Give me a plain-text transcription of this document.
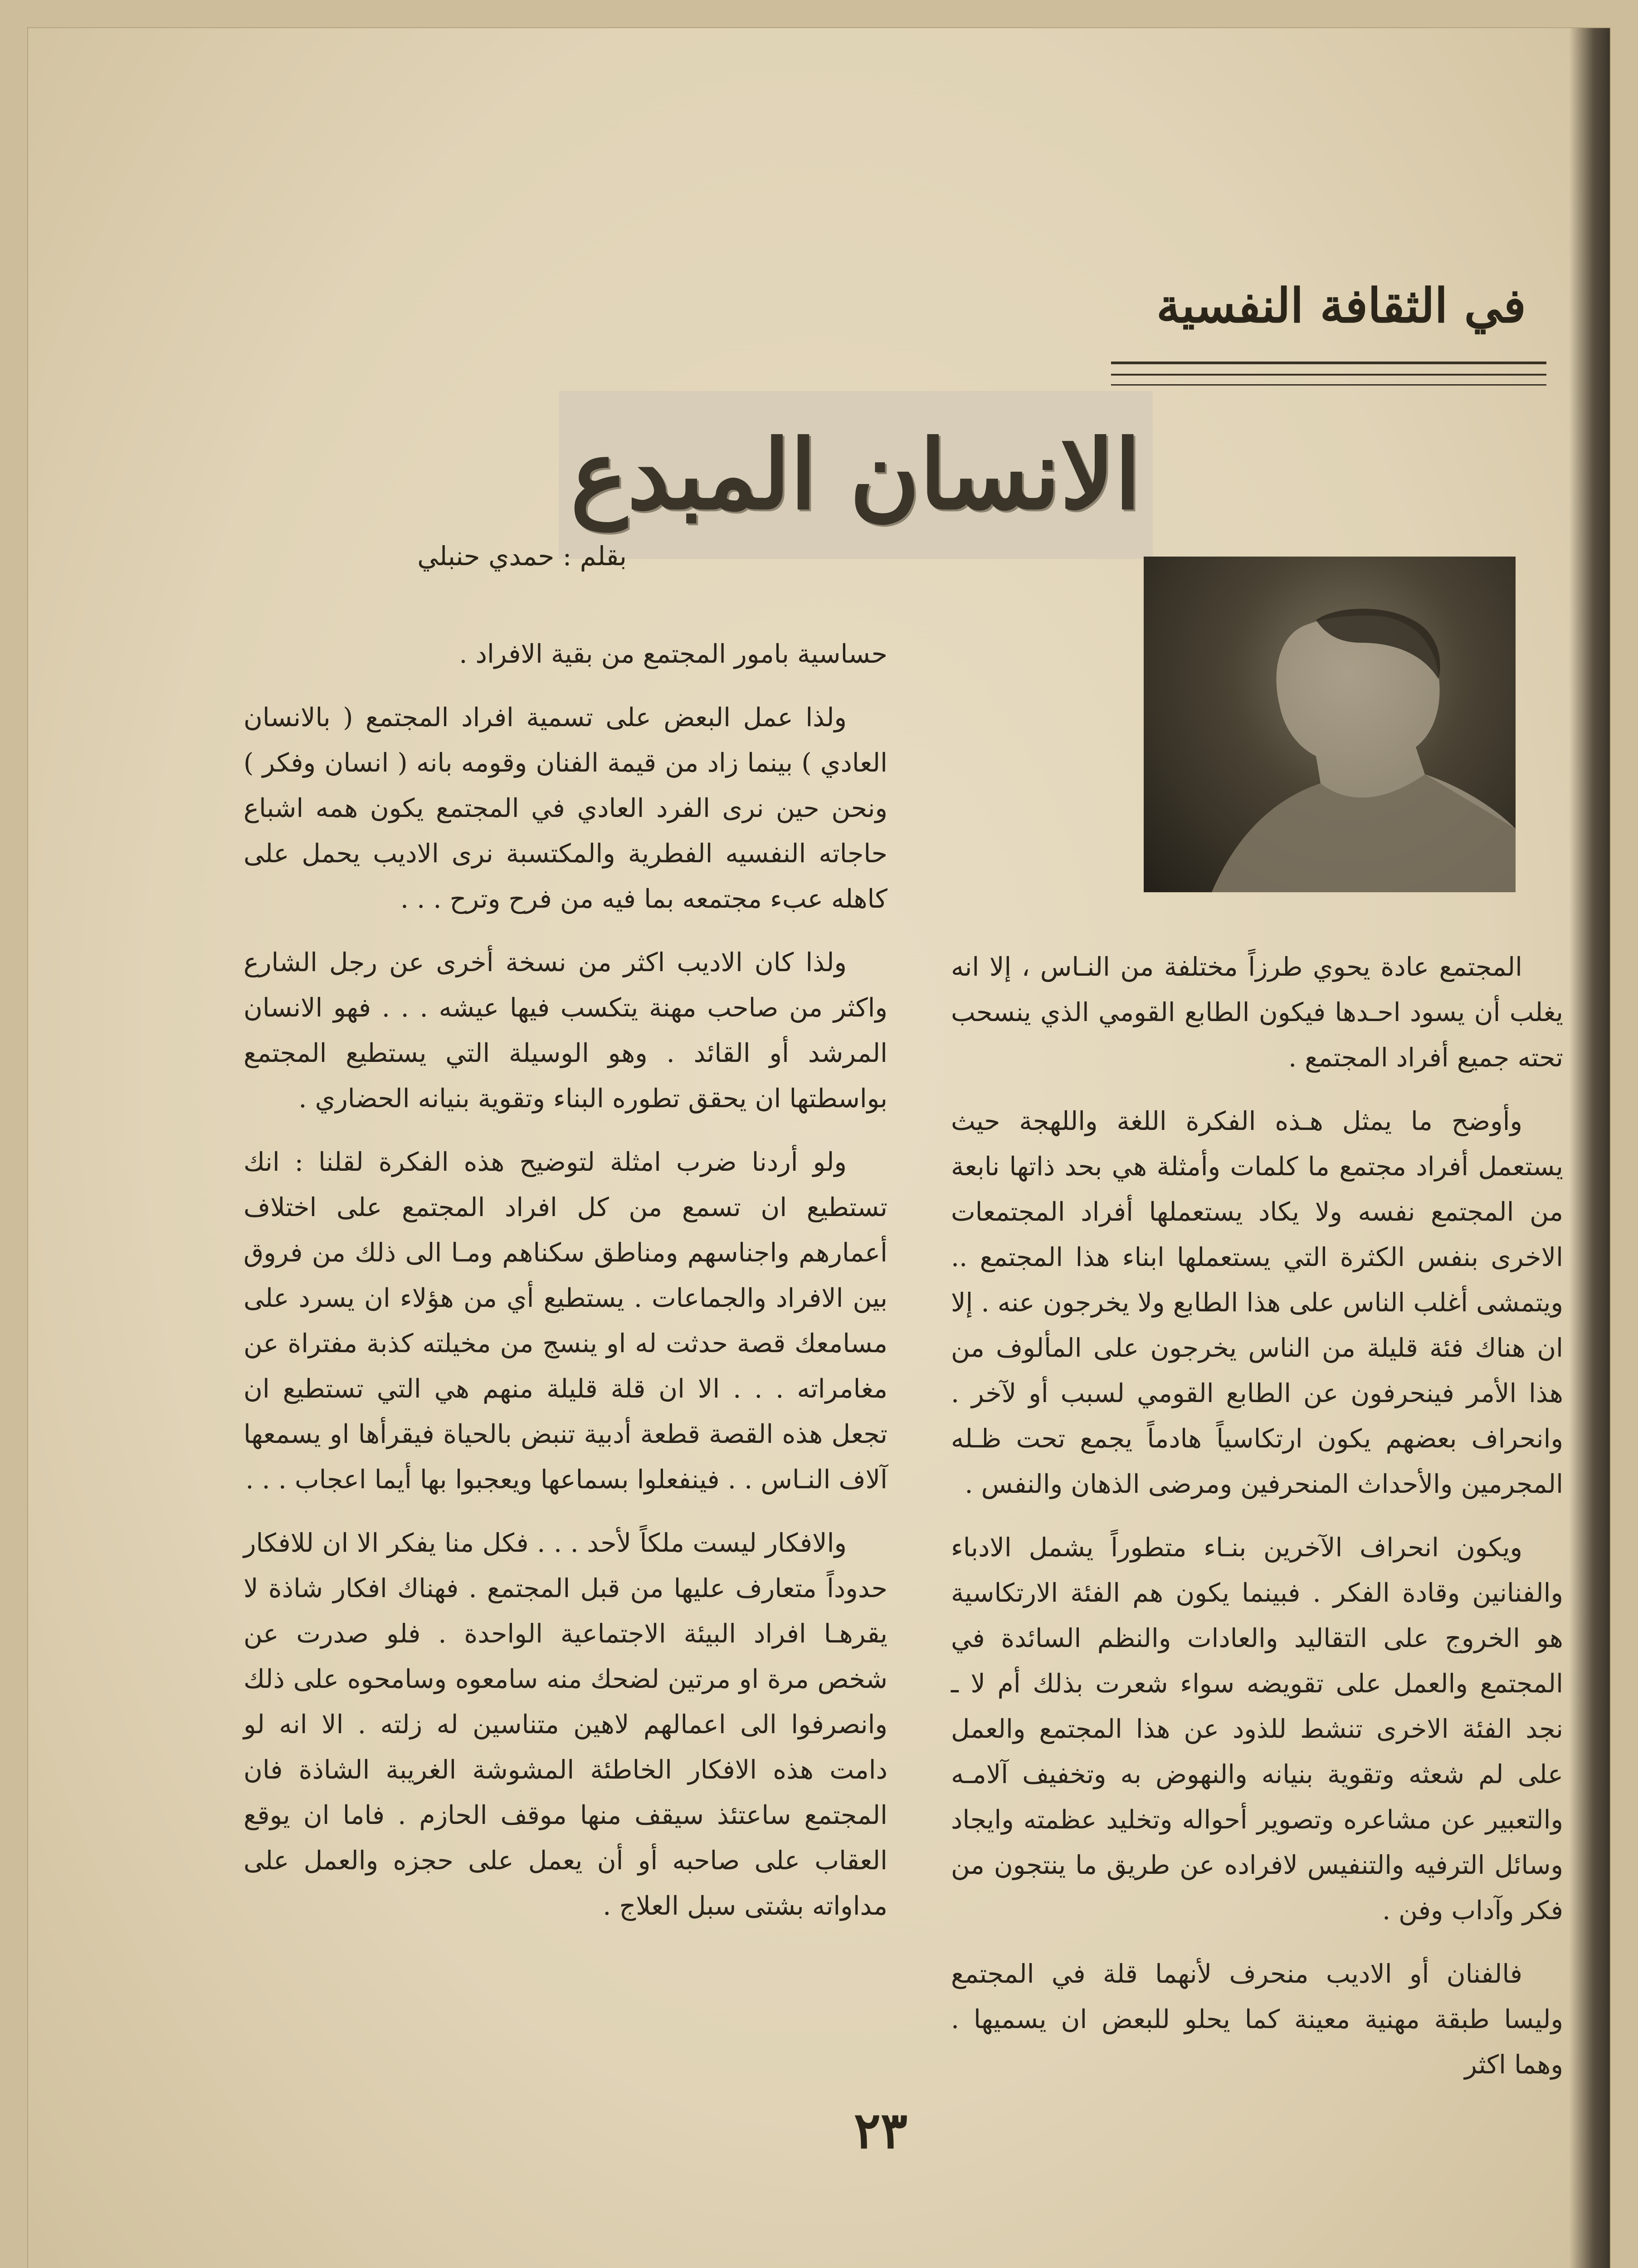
في الثقافة النفسية
الانسان المبدع
بقلم : حمدي حنبلي

حساسية بامور المجتمع من بقية الافراد .

ولذا عمل البعض على تسمية افراد المجتمع ( بالانسان العادي ) بينما زاد من قيمة الفنان وقومه بانه ( انسان وفكر ) ونحن حين نرى الفرد العادي في المجتمع يكون همه اشباع حاجاته النفسيه الفطرية والمكتسبة نرى الاديب يحمل على كاهله عبء مجتمعه بما فيه من فرح وترح . . .

ولذا كان الاديب اكثر من نسخة أخرى عن رجل الشارع واكثر من صاحب مهنة يتكسب فيها عيشه . . . فهو الانسان المرشد أو القائد . وهو الوسيلة التي يستطيع المجتمع بواسطتها ان يحقق تطوره البناء وتقوية بنيانه الحضاري .

ولو أردنا ضرب امثلة لتوضيح هذه الفكرة لقلنا : انك تستطيع ان تسمع من كل افراد المجتمع على اختلاف أعمارهم واجناسهم ومناطق سكناهم ومـا الى ذلك من فروق بين الافراد والجماعات . يستطيع أي من هؤلاء ان يسرد على مسامعك قصة حدثت له او ينسج من مخيلته كذبة مفتراة عن مغامراته . . . الا ان قلة قليلة منهم هي التي تستطيع ان تجعل هذه القصة قطعة أدبية تنبض بالحياة فيقرأها او يسمعها آلاف النـاس . . فينفعلوا بسماعها ويعجبوا بها أيما اعجاب . . .

والافكار ليست ملكاً لأحد . . . فكل منا يفكر الا ان للافكار حدوداً متعارف عليها من قبل المجتمع . فهناك افكار شاذة لا يقرهـا افراد البيئة الاجتماعية الواحدة . فلو صدرت عن شخص مرة او مرتين لضحك منه سامعوه وسامحوه على ذلك وانصرفوا الى اعمالهم لاهين متناسين له زلته . الا انه لو دامت هذه الافكار الخاطئة المشوشة الغريبة الشاذة فان المجتمع ساعتئذ سيقف منها موقف الحازم . فاما ان يوقع العقاب على صاحبه أو أن يعمل على حجزه والعمل على مداواته بشتى سبل العلاج .

المجتمع عادة يحوي طرزاً مختلفة من النـاس ، إلا انه يغلب أن يسود احـدها فيكون الطابع القومي الذي ينسحب تحته جميع أفراد المجتمع .

وأوضح ما يمثل هـذه الفكرة اللغة واللهجة حيث يستعمل أفراد مجتمع ما كلمات وأمثلة هي بحد ذاتها نابعة من المجتمع نفسه ولا يكاد يستعملها أفراد المجتمعات الاخرى بنفس الكثرة التي يستعملها ابناء هذا المجتمع .. ويتمشى أغلب الناس على هذا الطابع ولا يخرجون عنه . إلا ان هناك فئة قليلة من الناس يخرجون على المألوف من هذا الأمر فينحرفون عن الطابع القومي لسبب أو لآخر . وانحراف بعضهم يكون ارتكاسياً هادماً يجمع تحت ظـله المجرمين والأحداث المنحرفين ومرضى الذهان والنفس .

ويكون انحراف الآخرين بنـاء متطوراً يشمل الادباء والفنانين وقادة الفكر . فبينما يكون هم الفئة الارتكاسية هو الخروج على التقاليد والعادات والنظم السائدة في المجتمع والعمل على تقويضه سواء شعرت بذلك أم لا ـ نجد الفئة الاخرى تنشط للذود عن هذا المجتمع والعمل على لم شعثه وتقوية بنيانه والنهوض به وتخفيف آلامـه والتعبير عن مشاعره وتصوير أحواله وتخليد عظمته وايجاد وسائل الترفيه والتنفيس لافراده عن طريق ما ينتجون من فكر وآداب وفن .

فالفنان أو الاديب منحرف لأنهما قلة في المجتمع وليسا طبقة مهنية معينة كما يحلو للبعض ان يسميها . وهما اكثر

٢٣
